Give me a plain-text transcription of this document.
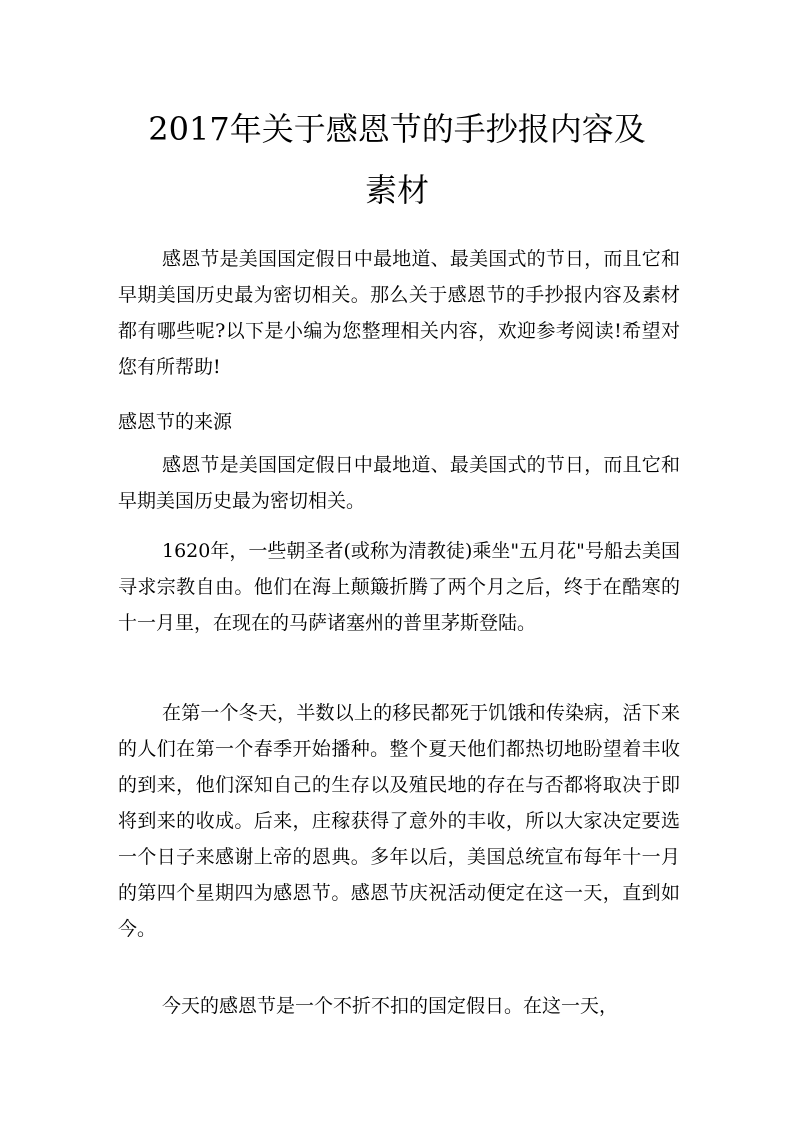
2017年关于感恩节的手抄报内容及
素材

感恩节是美国国定假日中最地道、最美国式的节日，而且它和早期美国历史最为密切相关。那么关于感恩节的手抄报内容及素材都有哪些呢?以下是小编为您整理相关内容，欢迎参考阅读!希望对您有所帮助!

感恩节的来源

感恩节是美国国定假日中最地道、最美国式的节日，而且它和早期美国历史最为密切相关。

1620年，一些朝圣者(或称为清教徒)乘坐"五月花"号船去美国寻求宗教自由。他们在海上颠簸折腾了两个月之后，终于在酷寒的十一月里，在现在的马萨诸塞州的普里茅斯登陆。

在第一个冬天，半数以上的移民都死于饥饿和传染病，活下来的人们在第一个春季开始播种。整个夏天他们都热切地盼望着丰收的到来，他们深知自己的生存以及殖民地的存在与否都将取决于即将到来的收成。后来，庄稼获得了意外的丰收，所以大家决定要选一个日子来感谢上帝的恩典。多年以后，美国总统宣布每年十一月的第四个星期四为感恩节。感恩节庆祝活动便定在这一天，直到如今。

今天的感恩节是一个不折不扣的国定假日。在这一天，
